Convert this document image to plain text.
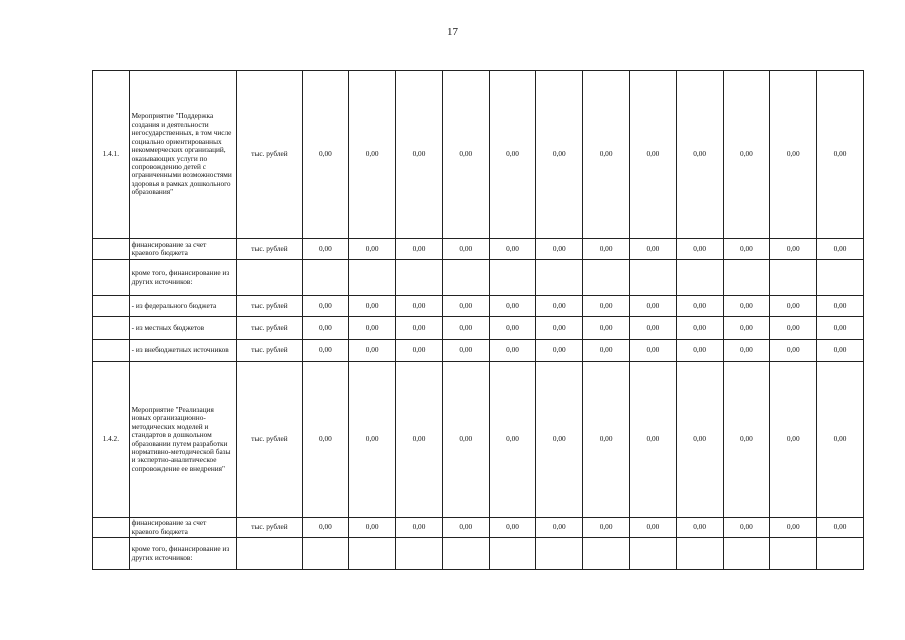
17
1.4.1.	Мероприятие "Поддержка создания и деятельности негосударственных, в том числе социально ориентированных некоммерческих организаций, оказывающих услуги по сопровождению детей с ограниченными возможностями здоровья в рамках дошкольного образования"	тыс. рублей	0,00	0,00	0,00	0,00	0,00	0,00	0,00	0,00	0,00	0,00	0,00	0,00
	финансирование за счет краевого бюджета	тыс. рублей	0,00	0,00	0,00	0,00	0,00	0,00	0,00	0,00	0,00	0,00	0,00	0,00
	кроме того, финансирование из других источников:													
	- из федерального бюджета	тыс. рублей	0,00	0,00	0,00	0,00	0,00	0,00	0,00	0,00	0,00	0,00	0,00	0,00
	- из местных бюджетов	тыс. рублей	0,00	0,00	0,00	0,00	0,00	0,00	0,00	0,00	0,00	0,00	0,00	0,00
	- из внебюджетных источников	тыс. рублей	0,00	0,00	0,00	0,00	0,00	0,00	0,00	0,00	0,00	0,00	0,00	0,00
1.4.2.	Мероприятие "Реализация новых организационно-методических моделей и стандартов в дошкольном образовании путем разработки нормативно-методической базы и экспертно-аналитическое сопровождение ее внедрения"	тыс. рублей	0,00	0,00	0,00	0,00	0,00	0,00	0,00	0,00	0,00	0,00	0,00	0,00
	финансирование за счет краевого бюджета	тыс. рублей	0,00	0,00	0,00	0,00	0,00	0,00	0,00	0,00	0,00	0,00	0,00	0,00
	кроме того, финансирование из других источников:													
